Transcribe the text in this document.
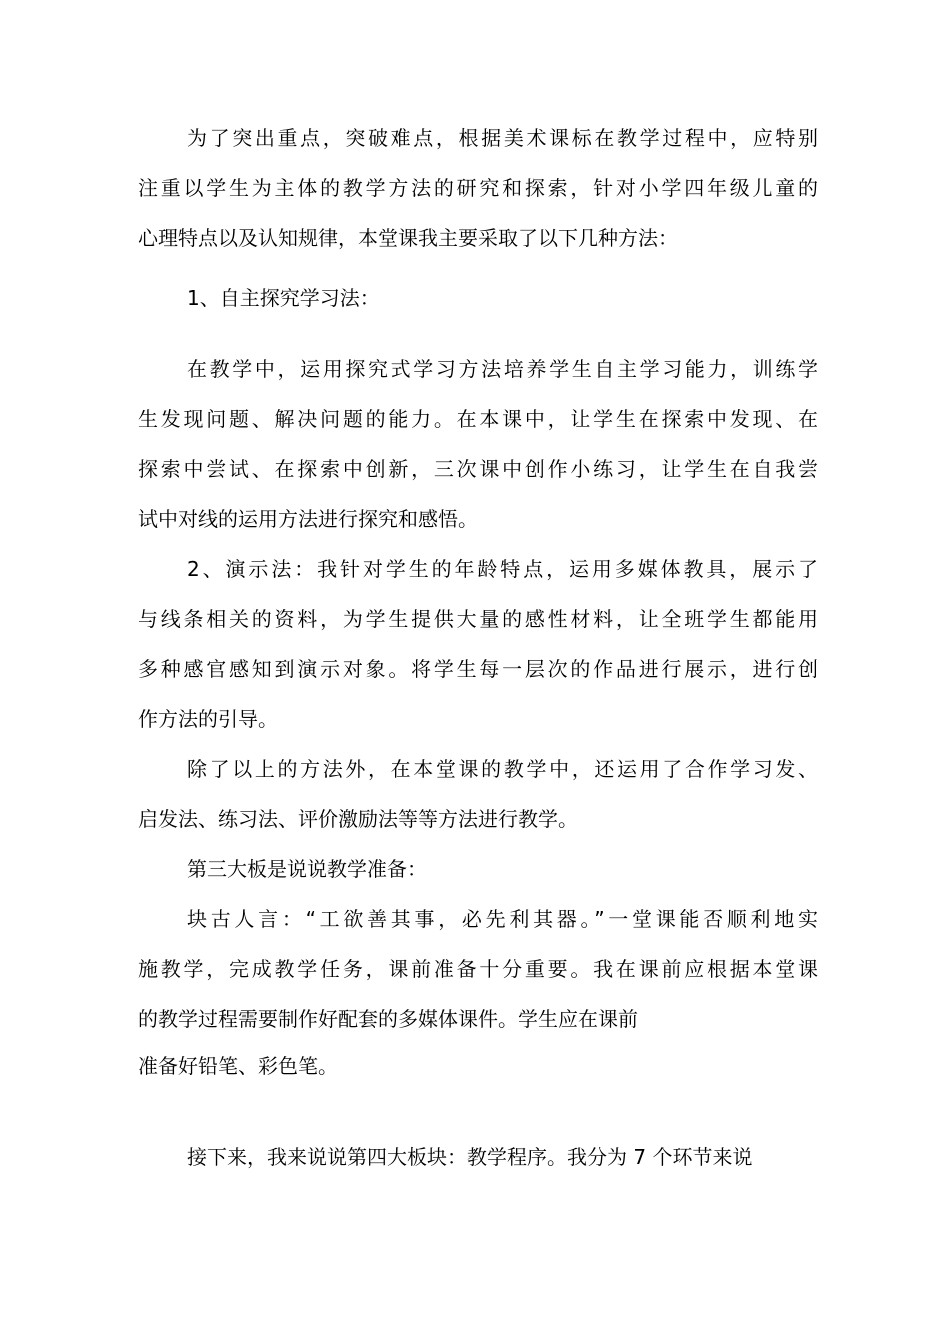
为了突出重点，突破难点，根据美术课标在教学过程中，应特别
注重以学生为主体的教学方法的研究和探索，针对小学四年级儿童的
心理特点以及认知规律，本堂课我主要采取了以下几种方法：
1、自主探究学习法：
在教学中，运用探究式学习方法培养学生自主学习能力，训练学
生发现问题、解决问题的能力。在本课中，让学生在探索中发现、在
探索中尝试、在探索中创新，三次课中创作小练习，让学生在自我尝
试中对线的运用方法进行探究和感悟。
2、演示法：我针对学生的年龄特点，运用多媒体教具，展示了
与线条相关的资料，为学生提供大量的感性材料，让全班学生都能用
多种感官感知到演示对象。将学生每一层次的作品进行展示，进行创
作方法的引导。
除了以上的方法外，在本堂课的教学中，还运用了合作学习发、
启发法、练习法、评价激励法等等方法进行教学。
第三大板是说说教学准备：
块古人言：“工欲善其事，必先利其器。”一堂课能否顺利地实
施教学，完成教学任务，课前准备十分重要。我在课前应根据本堂课
的教学过程需要制作好配套的多媒体课件。学生应在课前
准备好铅笔、彩色笔。
接下来，我来说说第四大板块：教学程序。我分为 7 个环节来说
